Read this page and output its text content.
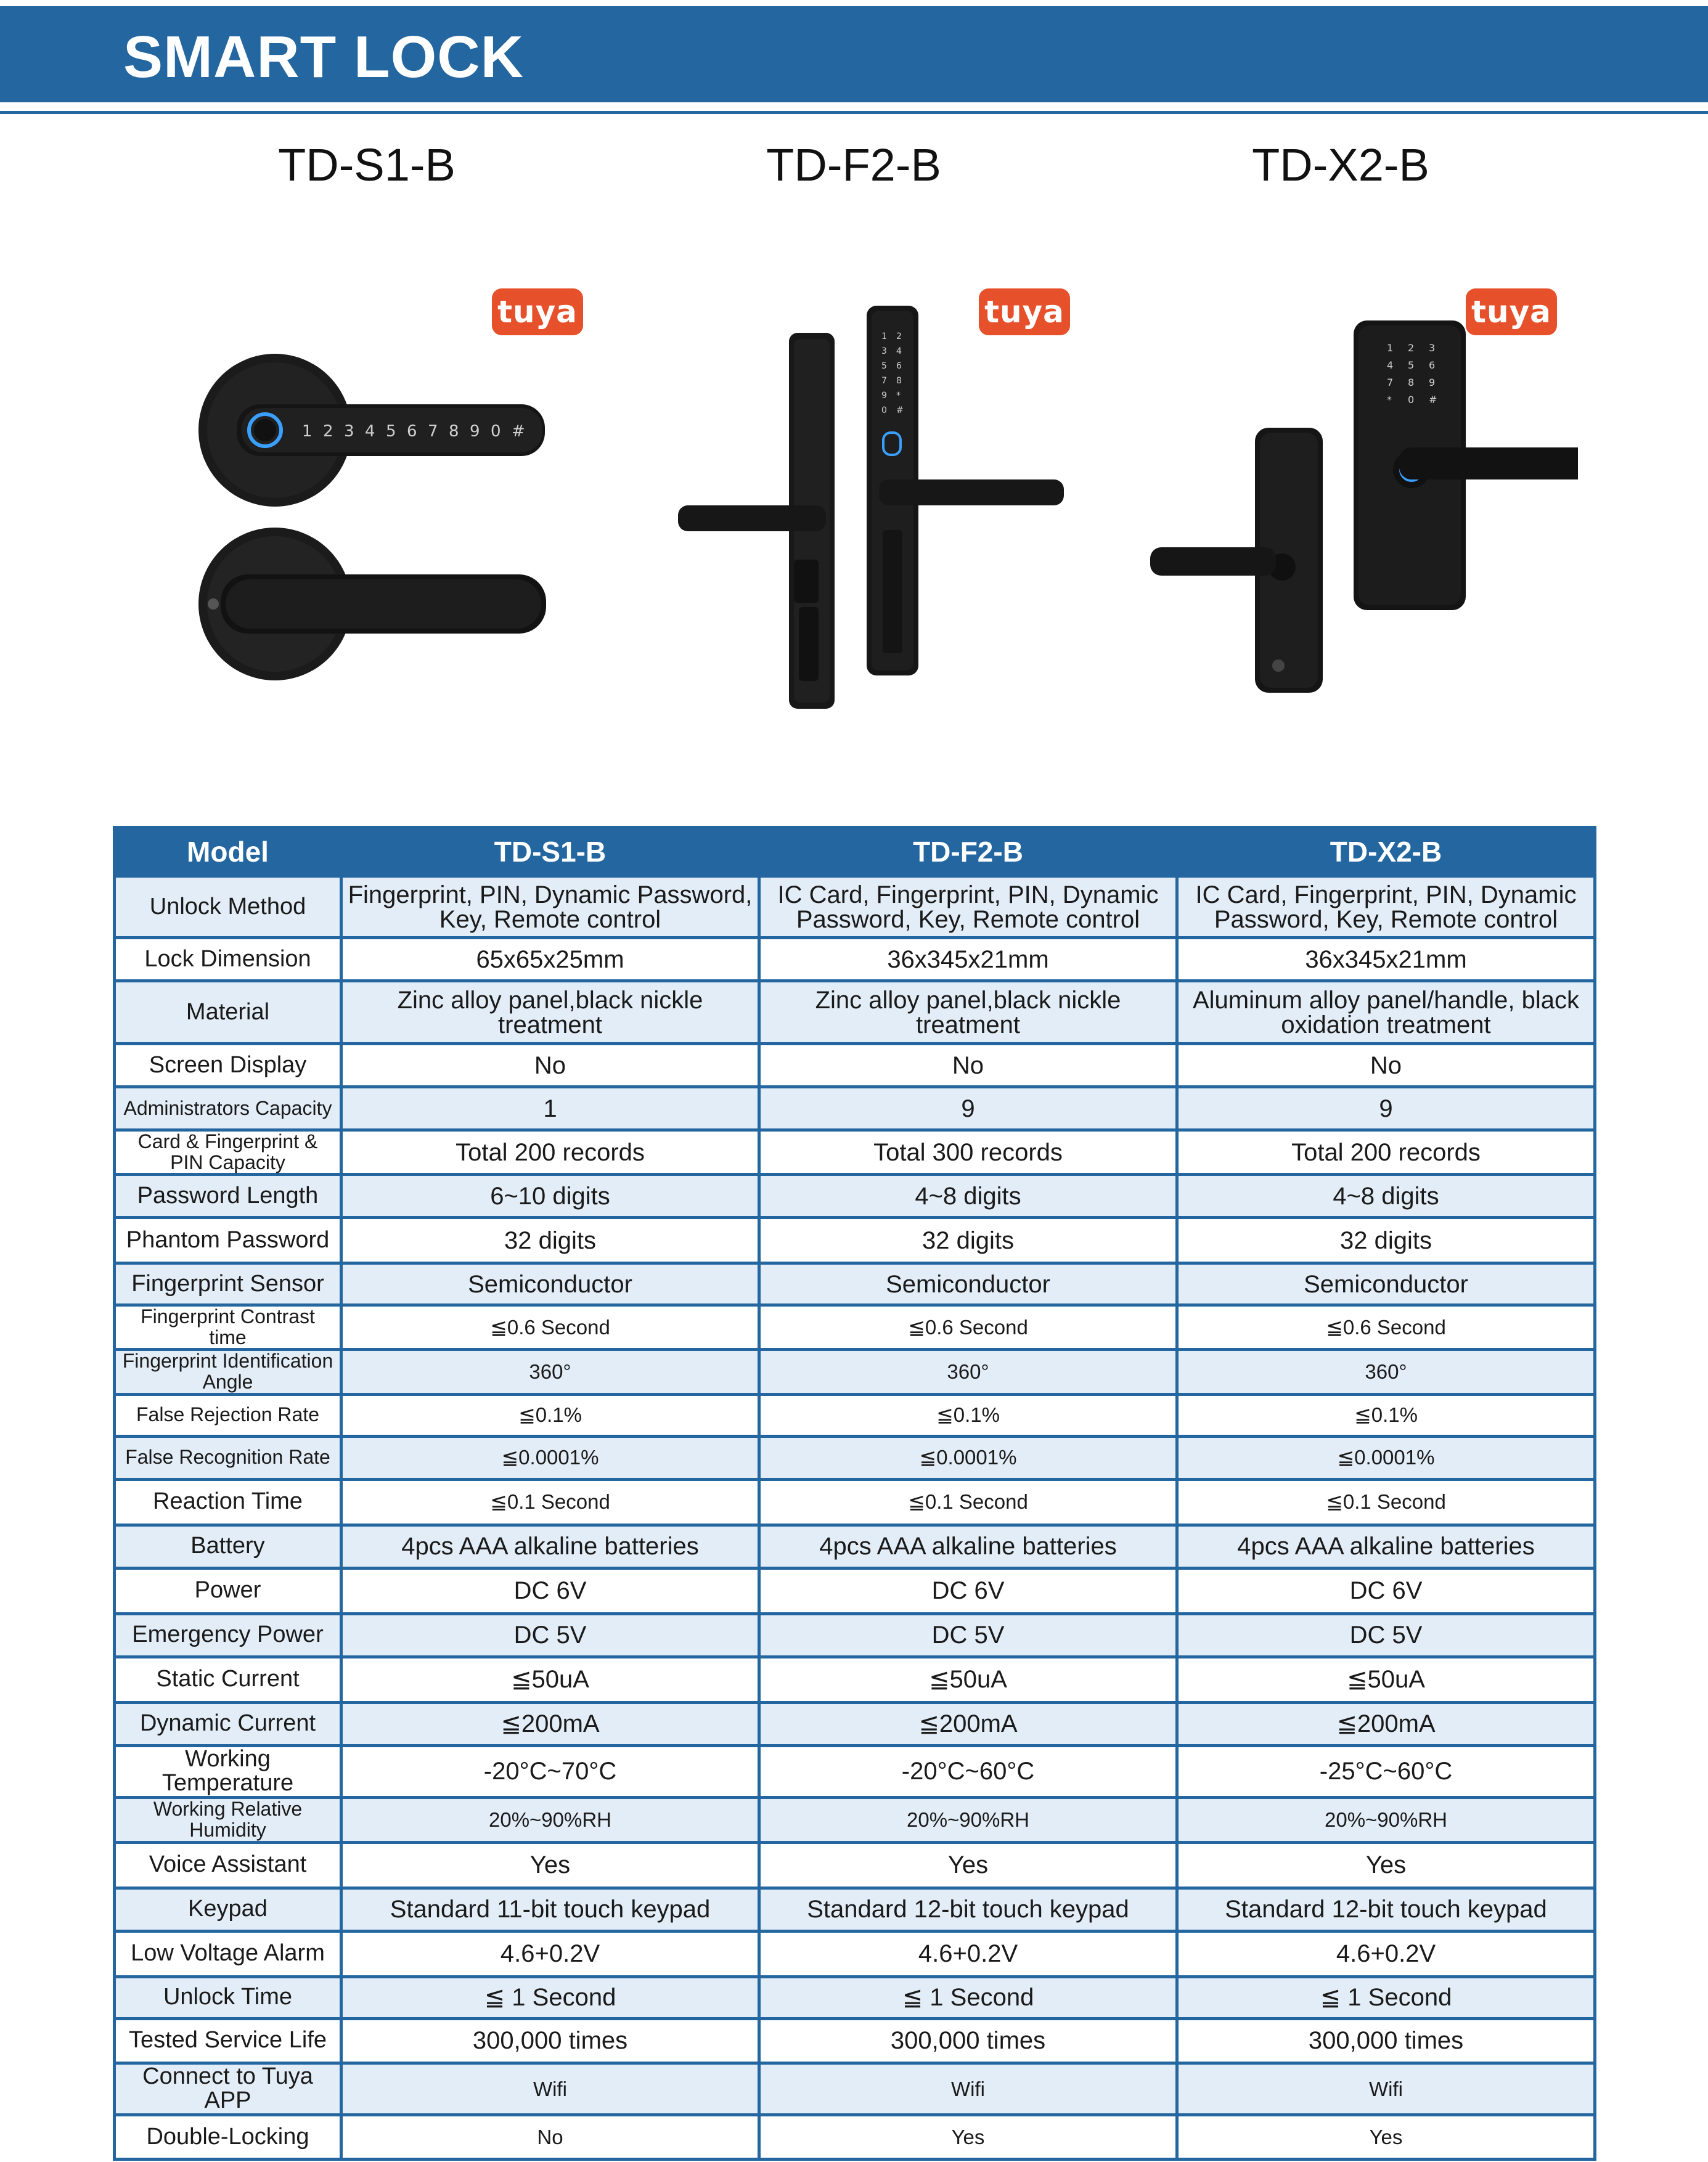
SMART LOCK
TD-S1-B	TD-F2-B	TD-X2-B
tuya
1 2 3 4 5 6 7 8 9 0 #
tuya
1 2
3 4
5 6
7 8
9 *
0 #
tuya
1 2 3
4 5 6
7 8 9
* 0 #
Model	TD-S1-B	TD-F2-B	TD-X2-B
Unlock Method	Fingerprint, PIN, Dynamic Password, Key, Remote control	IC Card, Fingerprint, PIN, Dynamic Password, Key, Remote control	IC Card, Fingerprint, PIN, Dynamic Password, Key, Remote control
Lock Dimension	65x65x25mm	36x345x21mm	36x345x21mm
Material	Zinc alloy panel,black nickle treatment	Zinc alloy panel,black nickle treatment	Aluminum alloy panel/handle, black oxidation treatment
Screen Display	No	No	No
Administrators Capacity	1	9	9
Card & Fingerprint & PIN Capacity	Total 200 records	Total 300 records	Total 200 records
Password Length	6~10 digits	4~8 digits	4~8 digits
Phantom Password	32 digits	32 digits	32 digits
Fingerprint Sensor	Semiconductor	Semiconductor	Semiconductor
Fingerprint Contrast time	≦0.6 Second	≦0.6 Second	≦0.6 Second
Fingerprint Identification Angle	360°	360°	360°
False Rejection Rate	≦0.1%	≦0.1%	≦0.1%
False Recognition Rate	≦0.0001%	≦0.0001%	≦0.0001%
Reaction Time	≦0.1 Second	≦0.1 Second	≦0.1 Second
Battery	4pcs AAA alkaline batteries	4pcs AAA alkaline batteries	4pcs AAA alkaline batteries
Power	DC 6V	DC 6V	DC 6V
Emergency Power	DC 5V	DC 5V	DC 5V
Static Current	≦50uA	≦50uA	≦50uA
Dynamic Current	≦200mA	≦200mA	≦200mA
Working Temperature	-20°C~70°C	-20°C~60°C	-25°C~60°C
Working Relative Humidity	20%~90%RH	20%~90%RH	20%~90%RH
Voice Assistant	Yes	Yes	Yes
Keypad	Standard 11-bit touch keypad	Standard 12-bit touch keypad	Standard 12-bit touch keypad
Low Voltage Alarm	4.6+0.2V	4.6+0.2V	4.6+0.2V
Unlock Time	≦ 1 Second	≦ 1 Second	≦ 1 Second
Tested Service Life	300,000 times	300,000 times	300,000 times
Connect to Tuya APP	Wifi	Wifi	Wifi
Double-Locking	No	Yes	Yes
